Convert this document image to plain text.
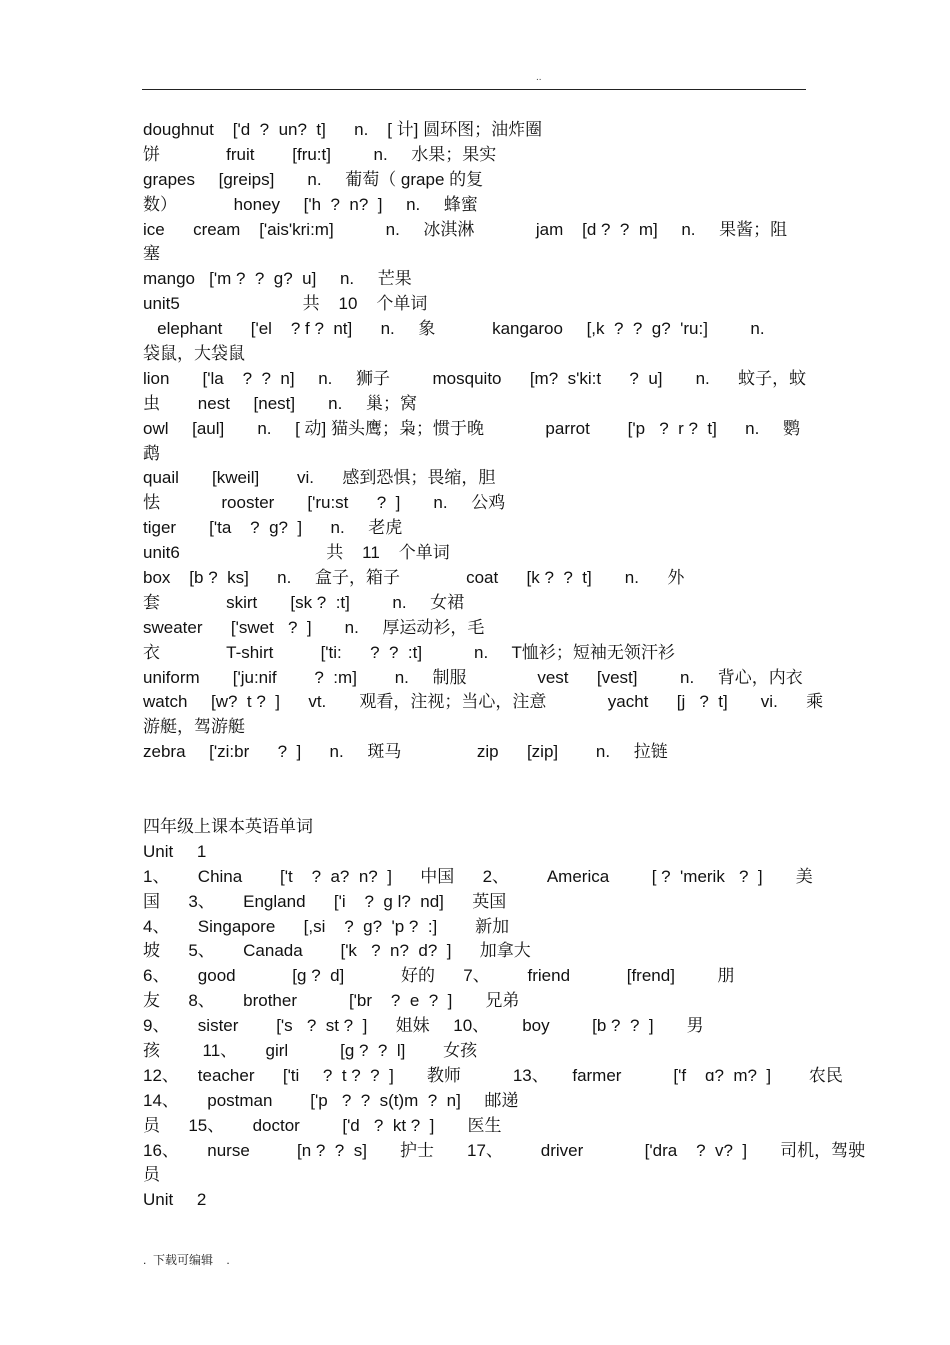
..
doughnut    ['d  ?  un?  t]      n.    [ 计] 圆环图；油炸圈
饼              fruit        [fru:t]         n.     水果；果实
grapes     [greips]       n.     葡萄（ grape 的复
数）            honey     ['h  ?  n?  ]     n.     蜂蜜
ice      cream    ['ais'kri:m]           n.     冰淇淋             jam    [d ?  ?  m]     n.     果酱；阻
塞
mango   ['m ?  ?  g?  u]     n.     芒果
unit5                          共    10    个单词
elephant      ['el    ? f ?  nt]      n.     象            kangaroo     [,k  ?  ?  g?  'ru:]         n.
袋鼠，大袋鼠
lion       ['la    ?  ?  n]     n.     狮子         mosquito      [m?  s'ki:t      ?  u]       n.      蚊子，蚊
虫        nest     [nest]       n.     巢；窝
owl     [aul]       n.     [ 动] 猫头鹰；枭；惯于晚             parrot        ['p   ?  r ?  t]      n.     鹦
鹉
quail       [kweil]        vi.      感到恐惧；畏缩，胆
怯             rooster       ['ru:st      ?  ]       n.     公鸡
tiger       ['ta    ?  g?  ]      n.     老虎
unit6                               共    11    个单词
box    [b ?  ks]      n.     盒子，箱子              coat      [k ?  ?  t]       n.      外
套              skirt       [sk ?  :t]         n.     女裙
sweater      ['swet   ?  ]       n.     厚运动衫，毛
衣              T-shirt          ['ti:      ?  ?  :t]           n.     T恤衫；短袖无领汗衫
uniform       ['ju:nif        ?  :m]        n.     制服               vest      [vest]         n.     背心，内衣
watch     [w?  t ?  ]      vt.       观看，注视；当心，注意             yacht      [j   ?  t]       vi.      乘
游艇，驾游艇
zebra     ['zi:br      ?  ]      n.     斑马                zip      [zip]        n.     拉链
四年级上课本英语单词
Unit     1
1、      China        ['t    ?  a?  n?  ]      中国      2、        America         [ ?  'merik   ?  ]       美
国      3、      England      ['i    ?  g l?  nd]      英国
4、      Singapore      [,si    ?  g?  'p ?  :]        新加
坡      5、      Canada        ['k   ?  n?  d?  ]      加拿大
6、      good            [g ?  d]            好的      7、        friend            [frend]         朋
友      8、      brother           ['br    ?  e  ?  ]       兄弟
9、      sister        ['s   ?  st ?  ]      姐妹     10、       boy         [b ?  ?  ]       男
孩         11、      girl           [g ?  ?  l]        女孩
12、    teacher      ['ti     ?  t ?  ?  ]       教师           13、     farmer           ['f    ɑ?  m?  ]        农民
14、      postman        ['p   ?  ?  s(t)m  ?  n]     邮递
员      15、      doctor         ['d   ?  kt ?  ]       医生
16、      nurse          [n ?  ?  s]       护士       17、        driver             ['dra    ?  v?  ]       司机，驾驶
员
Unit     2
.  下载可编辑    .
